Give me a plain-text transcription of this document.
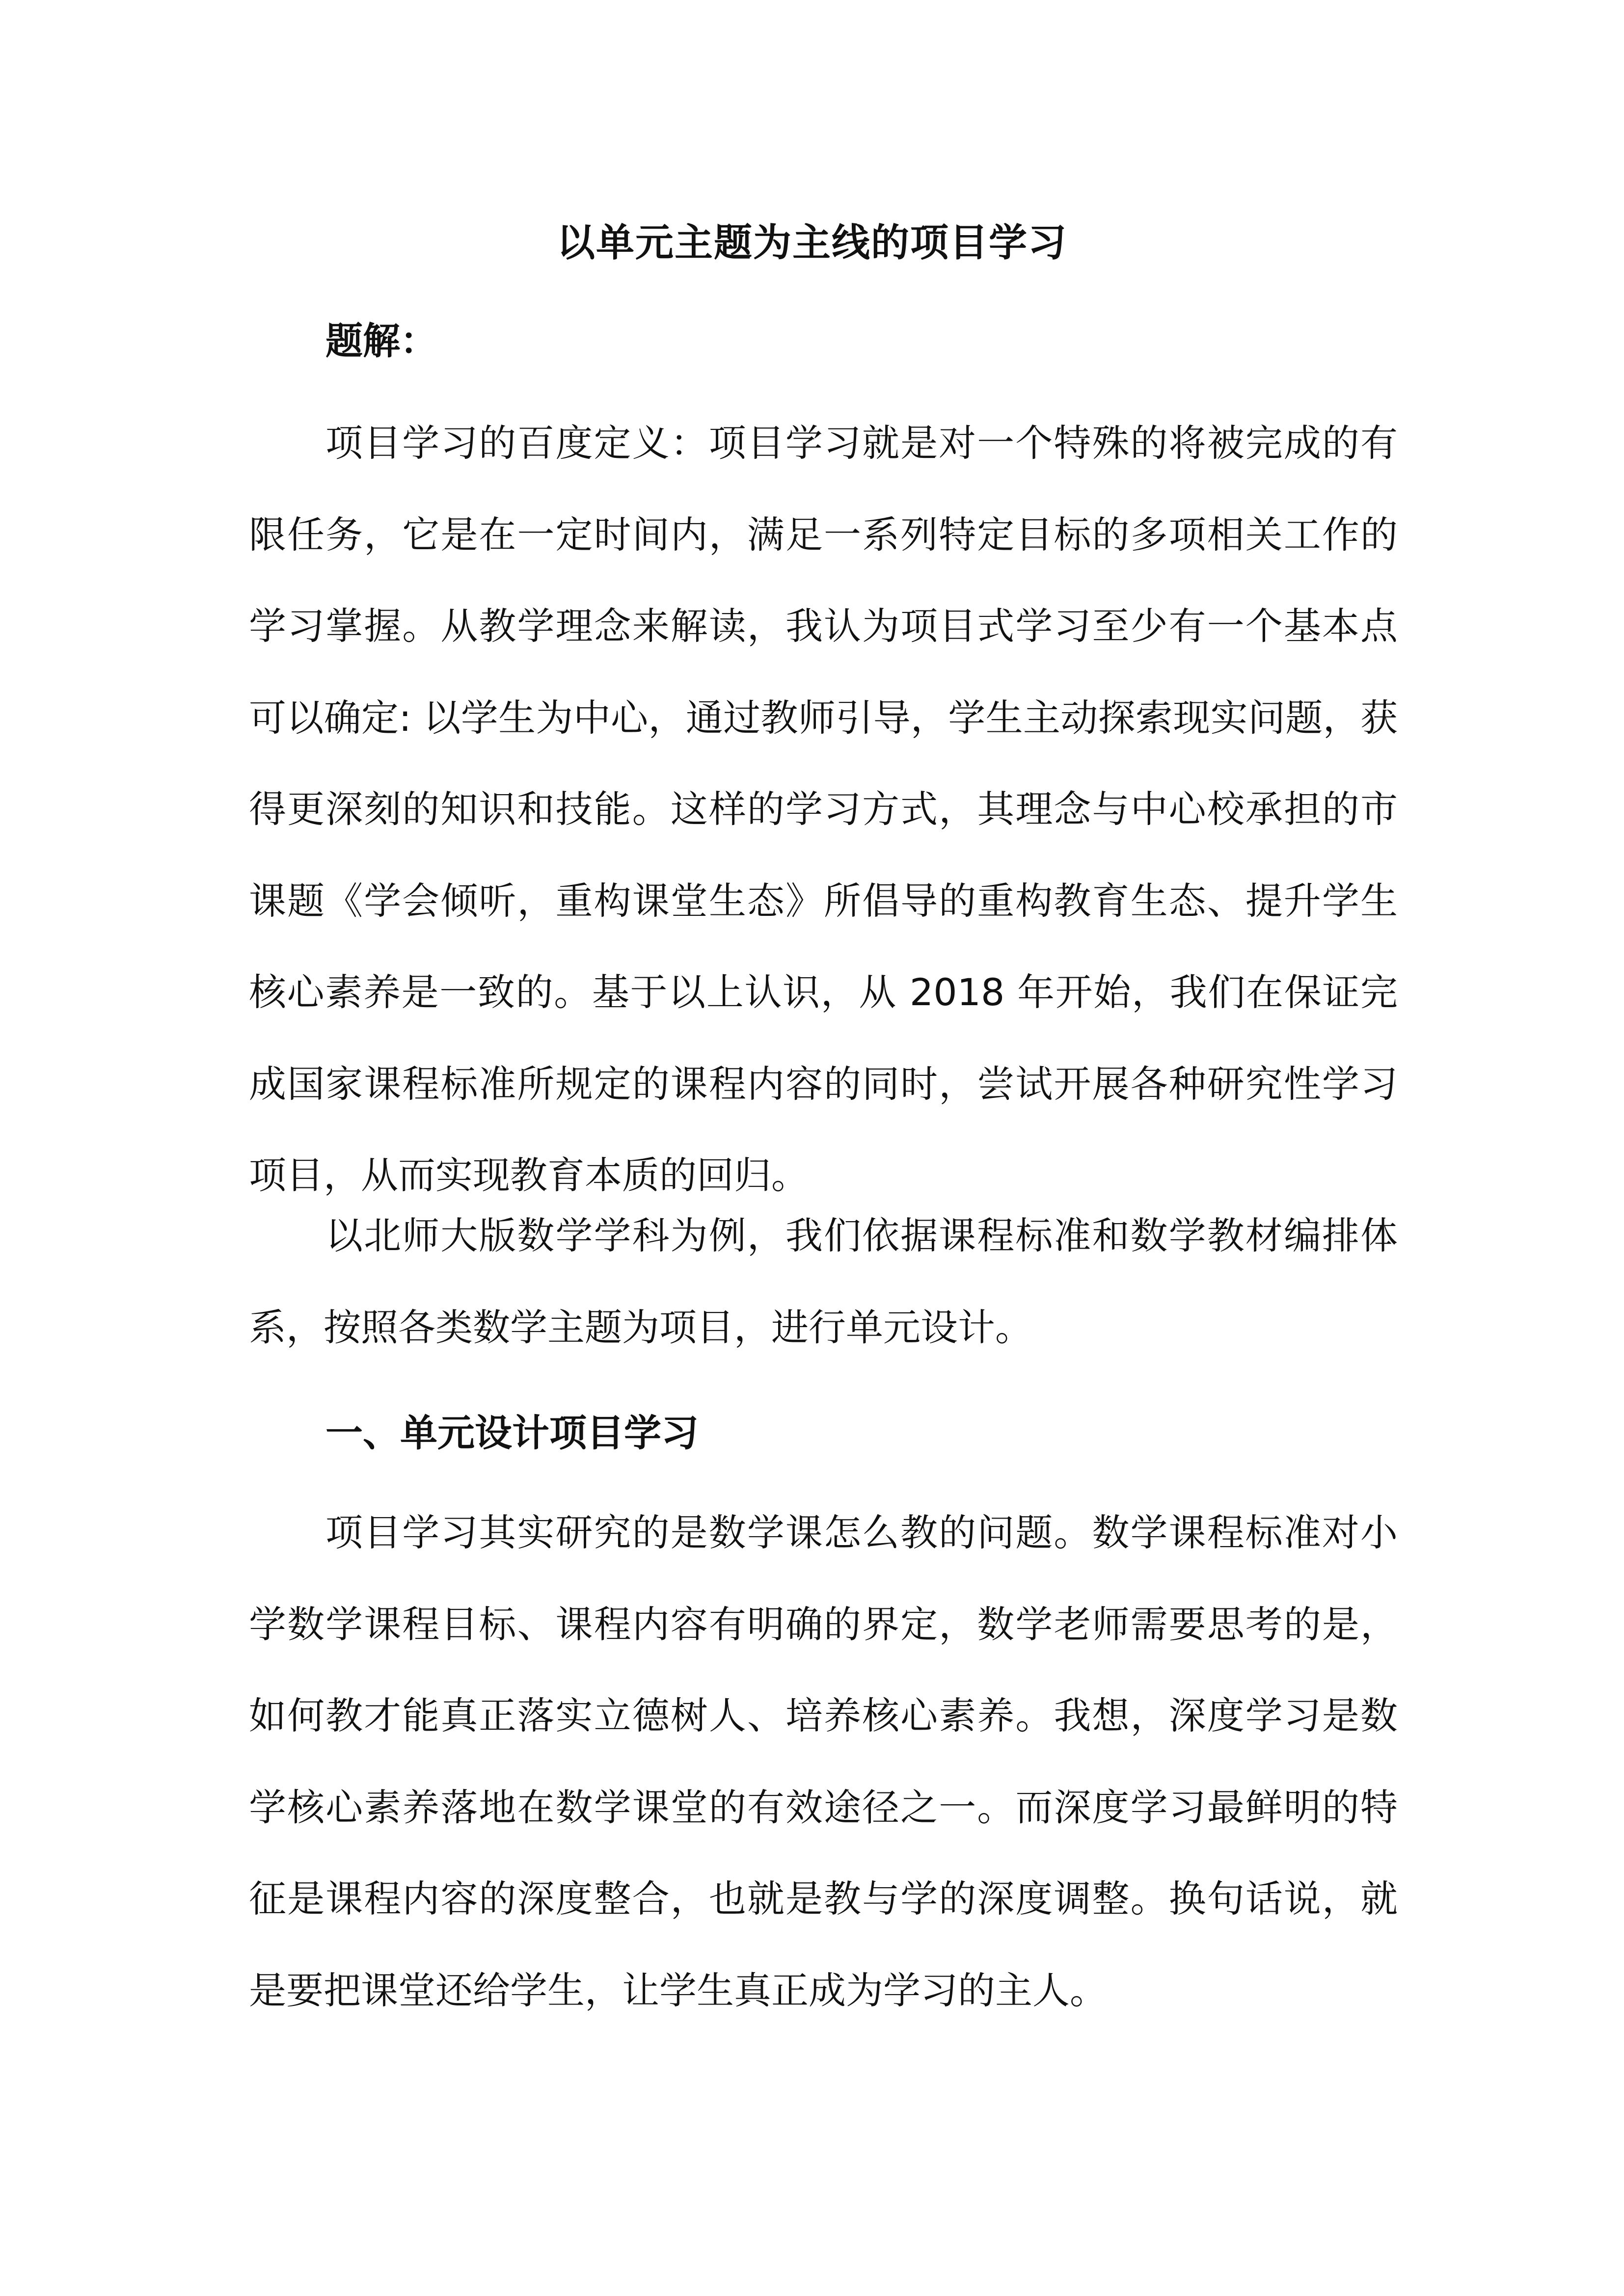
以单元主题为主线的项目学习
题解：

项目学习的百度定义：项目学习就是对一个特殊的将被完成的有限任务，它是在一定时间内，满足一系列特定目标的多项相关工作的学习掌握。从教学理念来解读，我认为项目式学习至少有一个基本点可以确定: 以学生为中心，通过教师引导，学生主动探索现实问题，获得更深刻的知识和技能。这样的学习方式，其理念与中心校承担的市课题《学会倾听，重构课堂生态》所倡导的重构教育生态、提升学生核心素养是一致的。基于以上认识，从 2018 年开始，我们在保证完成国家课程标准所规定的课程内容的同时，尝试开展各种研究性学习项目，从而实现教育本质的回归。

以北师大版数学学科为例，我们依据课程标准和数学教材编排体系，按照各类数学主题为项目，进行单元设计。

一、单元设计项目学习

项目学习其实研究的是数学课怎么教的问题。数学课程标准对小学数学课程目标、课程内容有明确的界定，数学老师需要思考的是，如何教才能真正落实立德树人、培养核心素养。我想，深度学习是数学核心素养落地在数学课堂的有效途径之一。而深度学习最鲜明的特征是课程内容的深度整合，也就是教与学的深度调整。换句话说，就是要把课堂还给学生，让学生真正成为学习的主人。
